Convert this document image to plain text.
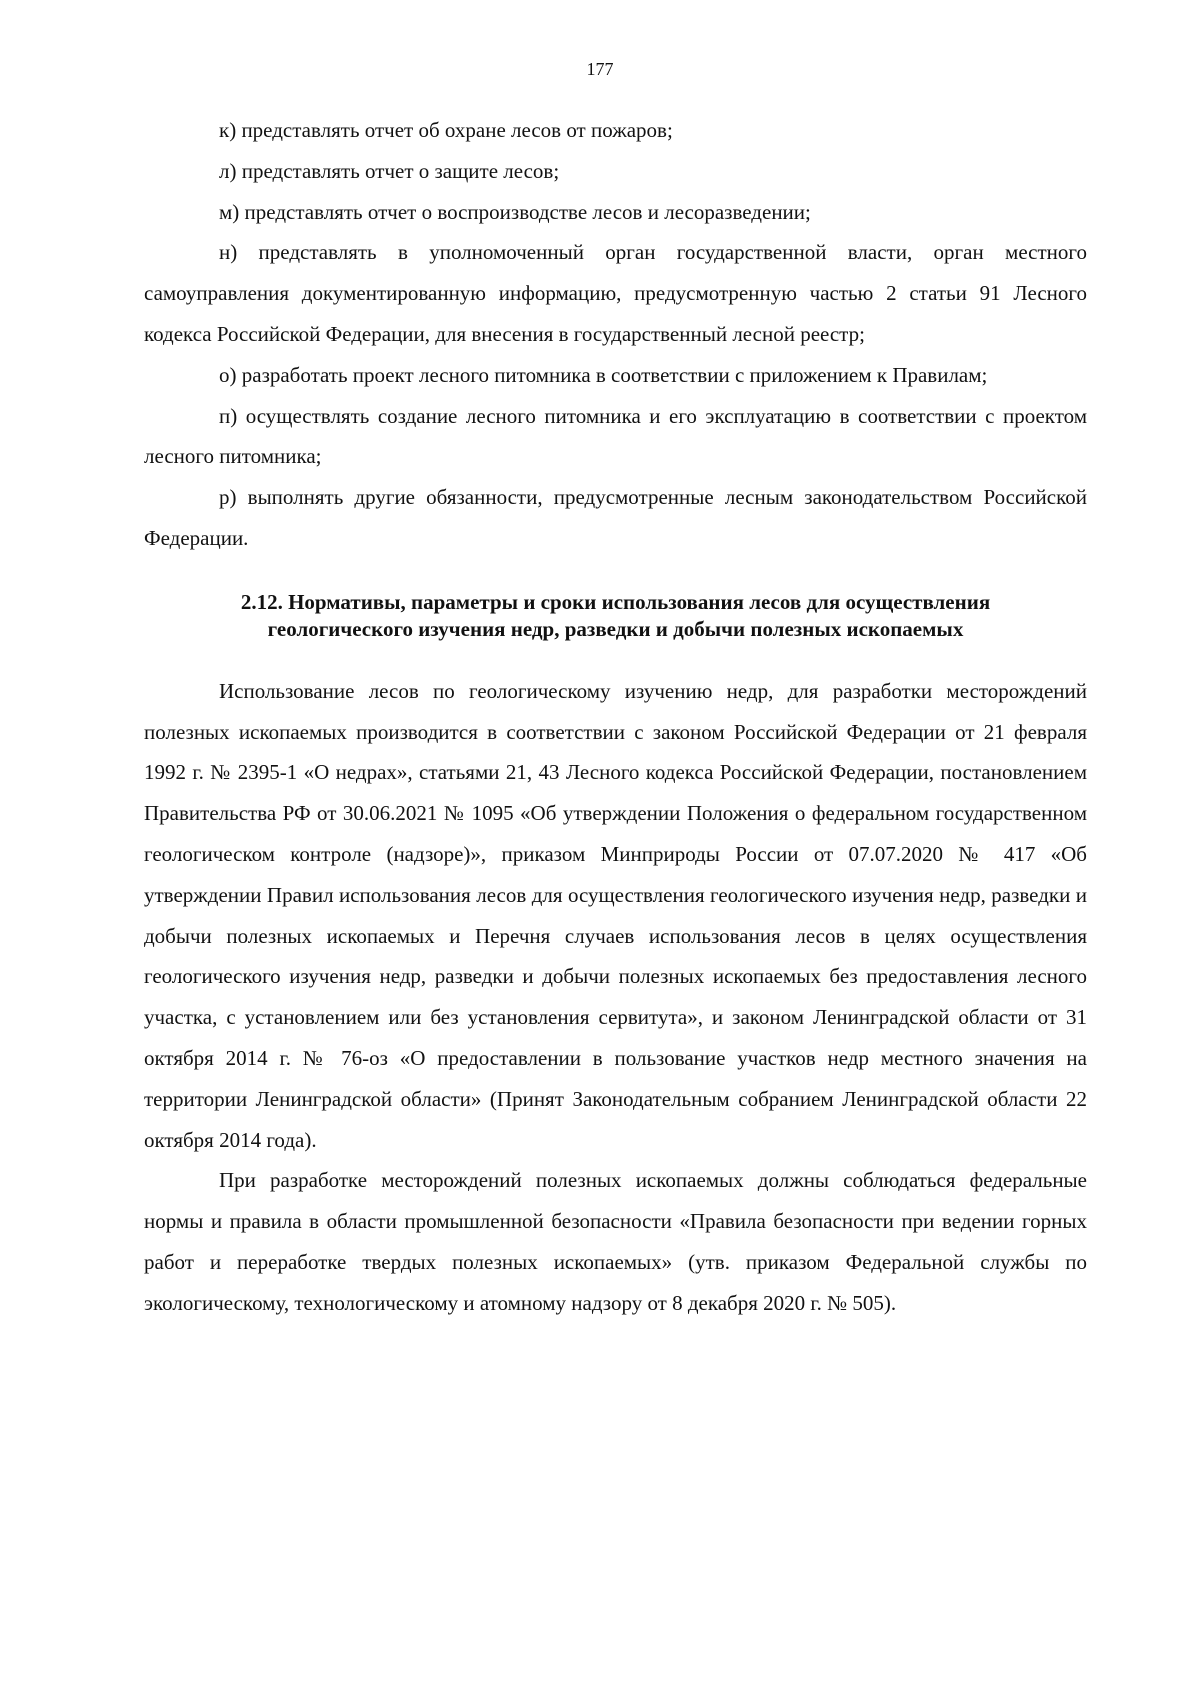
177

к) представлять отчет об охране лесов от пожаров;

л) представлять отчет о защите лесов;

м) представлять отчет о воспроизводстве лесов и лесоразведении;

н) представлять в уполномоченный орган государственной власти, орган местного самоуправления документированную информацию, предусмотренную частью 2 статьи 91 Лесного кодекса Российской Федерации, для внесения в государственный лесной реестр;

о) разработать проект лесного питомника в соответствии с приложением к Правилам;

п) осуществлять создание лесного питомника и его эксплуатацию в соответствии с проектом лесного питомника;

р) выполнять другие обязанности, предусмотренные лесным законодательством Российской Федерации.

2.12. Нормативы, параметры и сроки использования лесов для осуществления геологического изучения недр, разведки и добычи полезных ископаемых

Использование лесов по геологическому изучению недр, для разработки месторождений полезных ископаемых производится в соответствии с законом Российской Федерации от 21 февраля 1992 г. № 2395-1 «О недрах», статьями 21, 43 Лесного кодекса Российской Федерации, постановлением Правительства РФ от 30.06.2021 № 1095 «Об утверждении Положения о федеральном государственном геологическом контроле (надзоре)», приказом Минприроды России от 07.07.2020 № 417 «Об утверждении Правил использования лесов для осуществления геологического изучения недр, разведки и добычи полезных ископаемых и Перечня случаев использования лесов в целях осуществления геологического изучения недр, разведки и добычи полезных ископаемых без предоставления лесного участка, с установлением или без установления сервитута», и законом Ленинградской области от 31 октября 2014 г. № 76-оз «О предоставлении в пользование участков недр местного значения на территории Ленинградской области» (Принят Законодательным собранием Ленинградской области 22 октября 2014 года).

При разработке месторождений полезных ископаемых должны соблюдаться федеральные нормы и правила в области промышленной безопасности «Правила безопасности при ведении горных работ и переработке твердых полезных ископаемых» (утв. приказом Федеральной службы по экологическому, технологическому и атомному надзору от 8 декабря 2020 г. № 505).
